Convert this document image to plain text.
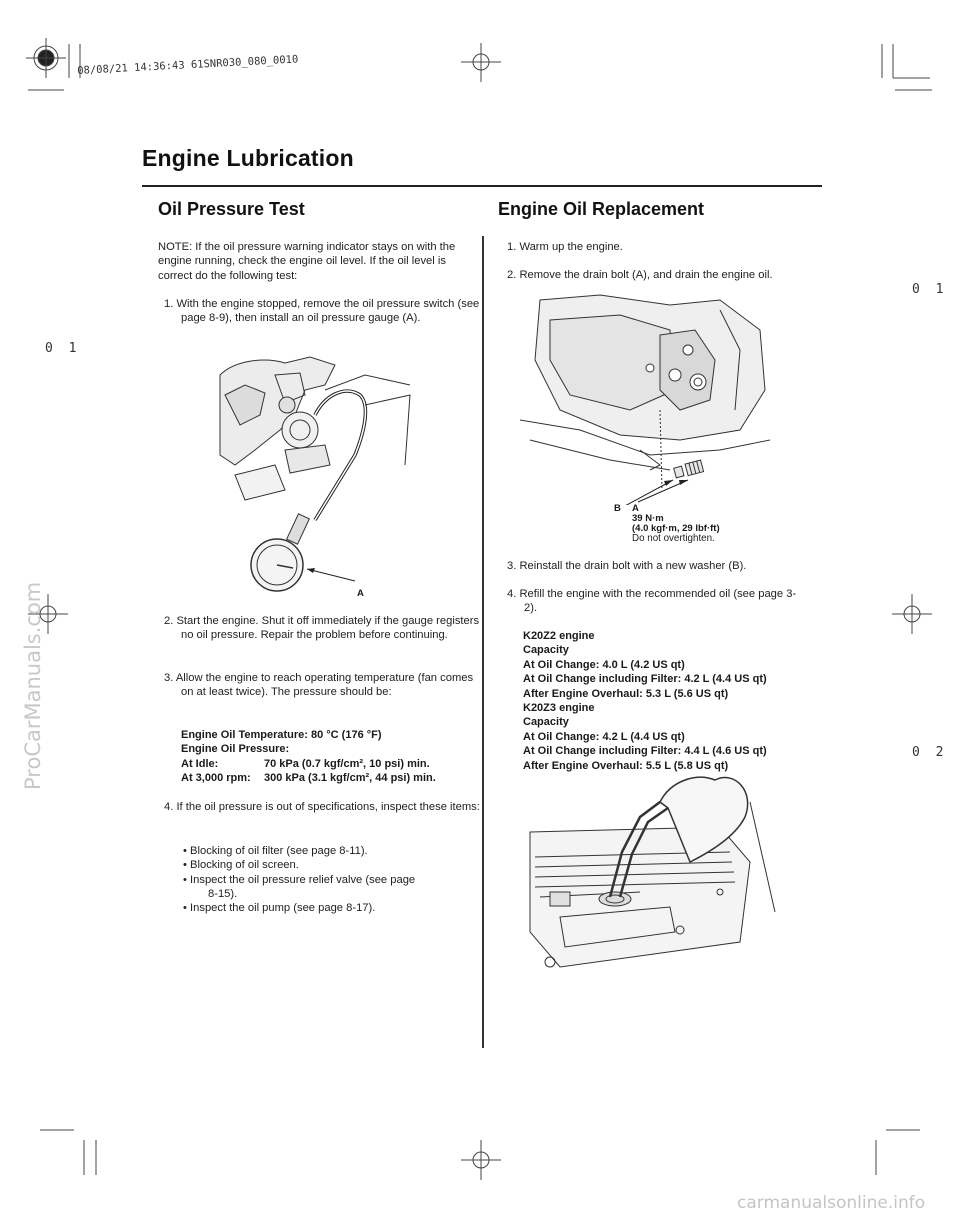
08/08/21 14:36:43 61SNR030_080_0010
0 1
0 1
0 2
Engine Lubrication
Oil Pressure Test	Engine Oil Replacement
NOTE: If the oil pressure warning indicator stays on with the engine running, check the engine oil level. If the oil level is correct do the following test:
1. With the engine stopped, remove the oil pressure switch (see page 8-9), then install an oil pressure gauge (A).
A
2. Start the engine. Shut it off immediately if the gauge registers no oil pressure. Repair the problem before continuing.
3. Allow the engine to reach operating temperature (fan comes on at least twice). The pressure should be:
Engine Oil Temperature: 80 °C (176 °F)
Engine Oil Pressure:
At Idle:	70 kPa (0.7 kgf/cm², 10 psi) min.
At 3,000 rpm:	300 kPa (3.1 kgf/cm², 44 psi) min.
4. If the oil pressure is out of specifications, inspect these items:
• Blocking of oil filter (see page 8-11).
• Blocking of oil screen.
• Inspect the oil pressure relief valve (see page
8-15).
• Inspect the oil pump (see page 8-17).
1. Warm up the engine.
2. Remove the drain bolt (A), and drain the engine oil.
B A
39 N·m
(4.0 kgf·m, 29 lbf·ft)
Do not overtighten.
3. Reinstall the drain bolt with a new washer (B).
4. Refill the engine with the recommended oil (see page 3-2).
K20Z2 engine
Capacity
At Oil Change: 4.0 L (4.2 US qt)
At Oil Change including Filter: 4.2 L (4.4 US qt)
After Engine Overhaul: 5.3 L (5.6 US qt)
K20Z3 engine
Capacity
At Oil Change: 4.2 L (4.4 US qt)
At Oil Change including Filter: 4.4 L (4.6 US qt)
After Engine Overhaul: 5.5 L (5.8 US qt)
ProCarManuals.com
carmanualsonline.info
